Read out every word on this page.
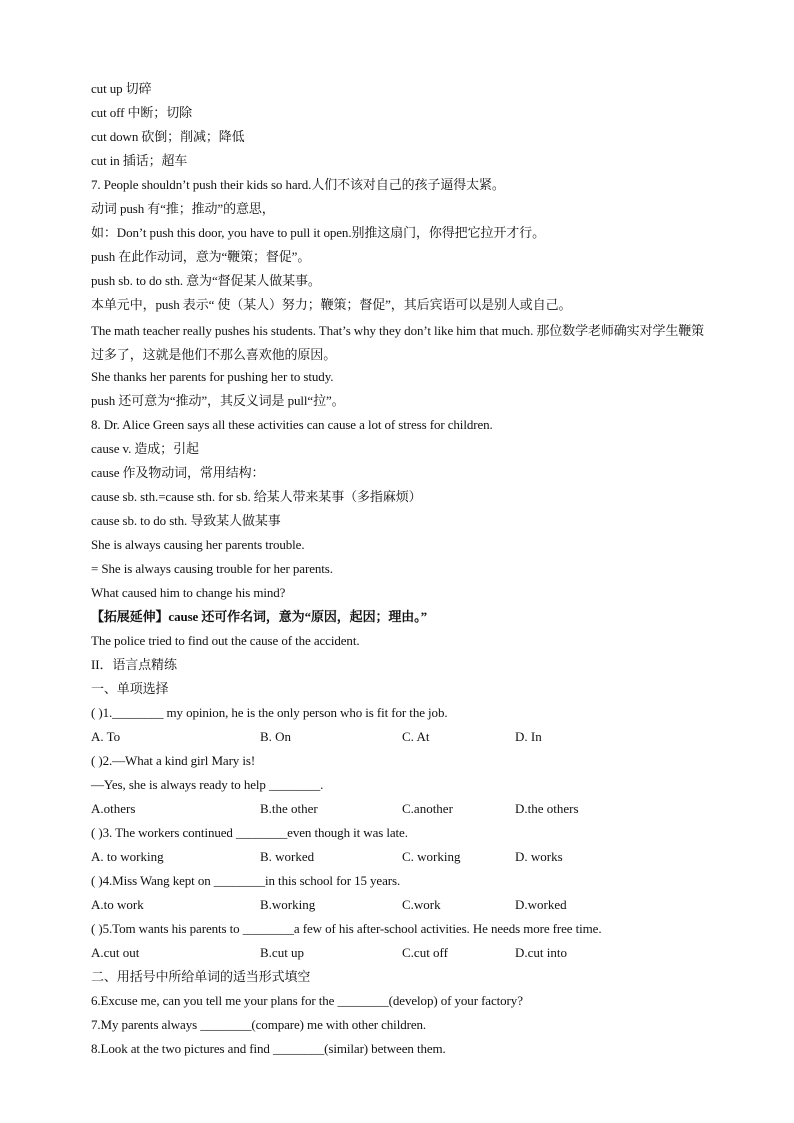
cut up 切碎
cut off 中断；切除
cut down 砍倒；削减；降低
cut in 插话；超车
7. People shouldn’t push their kids so hard.人们不该对自己的孩子逼得太紧。
动词 push 有“推；推动”的意思，
如：Don’t push this door, you have to pull it open.别推这扇门，你得把它拉开才行。
push 在此作动词，意为“鞭策；督促”。
push sb. to do sth. 意为“督促某人做某事。
本单元中，push 表示“ 使（某人）努力；鞭策；督促”，其后宾语可以是别人或自己。
The math teacher really pushes his students. That’s why they don’t like him that much. 那位数学老师确实对学生鞭策过多了，这就是他们不那么喜欢他的原因。
She thanks her parents for pushing her to study.
push 还可意为“推动”，其反义词是 pull“拉”。
8. Dr. Alice Green says all these activities can cause a lot of stress for children.
cause v. 造成；引起
cause 作及物动词，常用结构：
cause sb. sth.=cause sth. for sb. 给某人带来某事（多指麻烦）
cause sb. to do sth. 导致某人做某事
She is always causing her parents trouble.
= She is always causing trouble for her parents.
What caused him to change his mind?
【拓展延伸】cause 还可作名词，意为“原因，起因；理由。”
The police tried to find out the cause of the accident.
II．语言点精练
一、单项选择
( )1.________ my opinion, he is the only person who is fit for the job.
A. To	B. On	C. At	D. In
( )2.—What a kind girl Mary is!
—Yes, she is always ready to help ________.
A.others	B.the other	C.another	D.the others
( )3. The workers continued ________even though it was late.
A. to working	B. worked	C. working	D. works
( )4.Miss Wang kept on ________in this school for 15 years.
A.to work	B.working	C.work	D.worked
( )5.Tom wants his parents to ________a few of his after-school activities. He needs more free time.
A.cut out	B.cut up	C.cut off	D.cut into
二、用括号中所给单词的适当形式填空
6.Excuse me, can you tell me your plans for the ________(develop) of your factory?
7.My parents always ________(compare) me with other children.
8.Look at the two pictures and find ________(similar) between them.
